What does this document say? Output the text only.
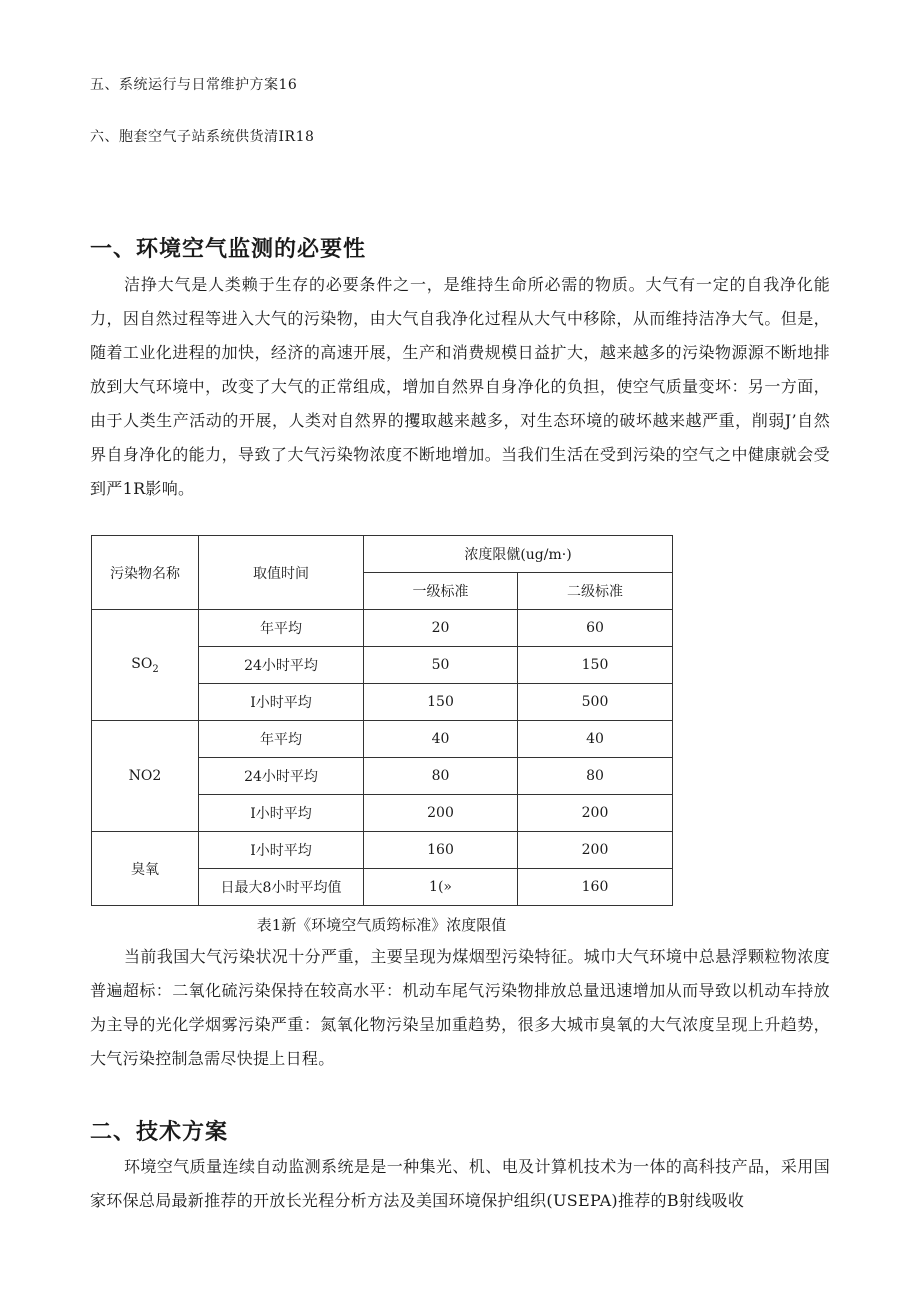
五、系统运行与日常维护方案16
六、胞套空气子站系统供货清IR18
一、环境空气监测的必要性

洁挣大气是人类赖于生存的必要条件之一，是维持生命所必需的物质。大气有一定的自我净化能力，因自然过程等进入大气的污染物，由大气自我净化过程从大气中移除，从而维持洁净大气。但是，随着工业化进程的加快，经济的高速开展，生产和消费规模日益扩大，越来越多的污染物源源不断地排放到大气环境中，改变了大气的正常组成，增加自然界自身净化的负担，使空气质量变坏：另一方面，由于人类生产活动的开展，人类对自然界的攫取越来越多，对生态环境的破坏越来越严重，削弱J’自然界自身净化的能力，导致了大气污染物浓度不断地增加。当我们生活在受到污染的空气之中健康就会受到严1R影响。

污染物名称	取值时间	浓度限僦(ug/m·)	
		一级标准	二级标准
$SO_2$	年平均	20	60
	24小时平均	50	150
	I小时平均	150	500
NO2	年平均	40	40
	24小时平均	80	80
	I小时平均	200	200
臭氧	I小时平均	160	200
	日最大8小时平均值	1(»	160
表1新《环境空气质筠标准》浓度限值

当前我国大气污染状况十分严重，主要呈现为煤烟型污染特征。城巾大气环境中总悬浮颗粒物浓度普遍超标：二氧化硫污染保持在较高水平：机动车尾气污染物排放总量迅速增加从而导致以机动车持放为主导的光化学烟雾污染严重：氮氧化物污染呈加重趋势，很多大城市臭氧的大气浓度呈现上升趋势，大气污染控制急需尽快提上日程。

二、技术方案

环境空气质量连续自动监测系统是是一种集光、机、电及计算机技术为一体的高科技产品，采用国家环保总局最新推荐的开放长光程分析方法及美国环境保护组织(USEPA)推荐的B射线吸收
